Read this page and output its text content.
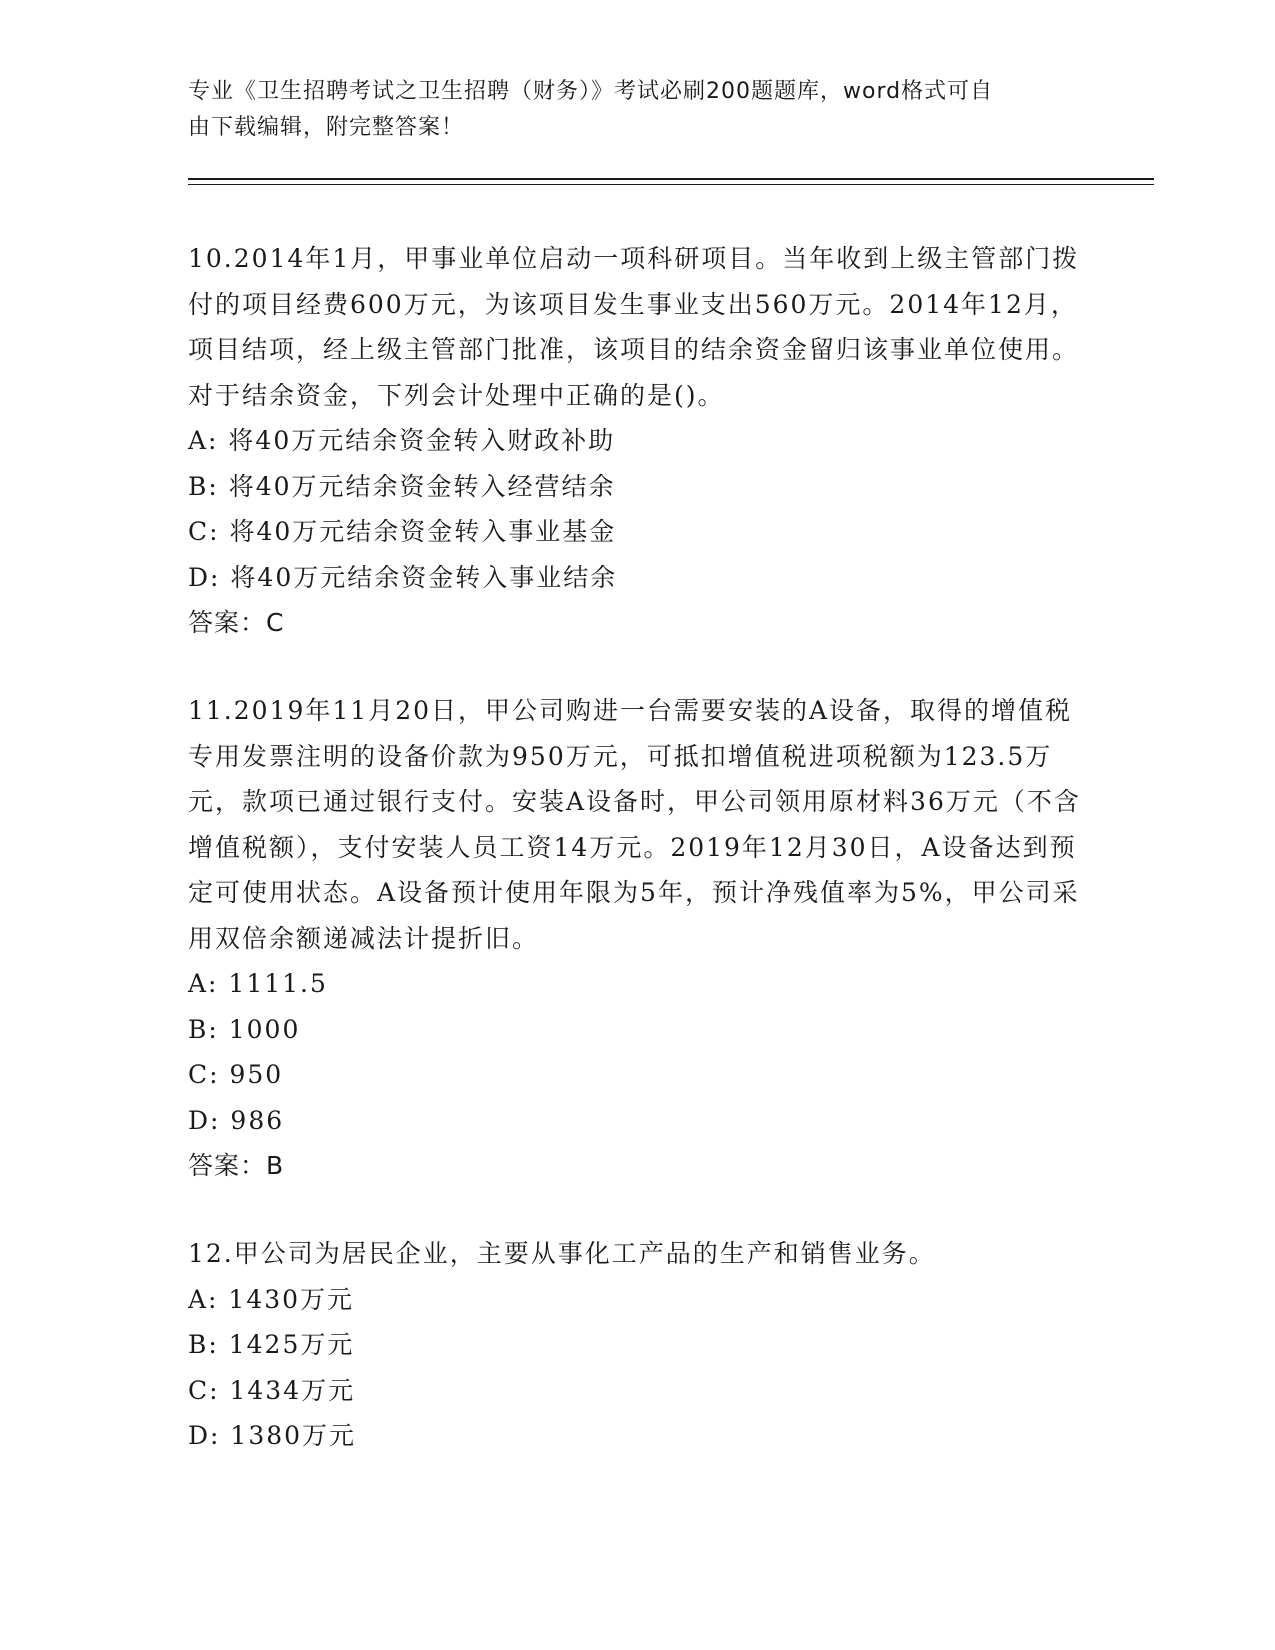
专业《卫生招聘考试之卫生招聘（财务）》考试必刷200题题库，word格式可自
由下载编辑，附完整答案！
10.2014年1月，甲事业单位启动一项科研项目。当年收到上级主管部门拨付的项目经费600万元，为该项目发生事业支出560万元。2014年12月，项目结项，经上级主管部门批准，该项目的结余资金留归该事业单位使用。对于结余资金，下列会计处理中正确的是()。
A: 将40万元结余资金转入财政补助
B: 将40万元结余资金转入经营结余
C: 将40万元结余资金转入事业基金
D: 将40万元结余资金转入事业结余
答案：C
11.2019年11月20日，甲公司购进一台需要安装的A设备，取得的增值税专用发票注明的设备价款为950万元，可抵扣增值税进项税额为123.5万元，款项已通过银行支付。安装A设备时，甲公司领用原材料36万元（不含增值税额），支付安装人员工资14万元。2019年12月30日，A设备达到预定可使用状态。A设备预计使用年限为5年，预计净残值率为5%，甲公司采用双倍余额递减法计提折旧。
A: 1111.5
B: 1000
C: 950
D: 986
答案：B
12.甲公司为居民企业，主要从事化工产品的生产和销售业务。
A: 1430万元
B: 1425万元
C: 1434万元
D: 1380万元
